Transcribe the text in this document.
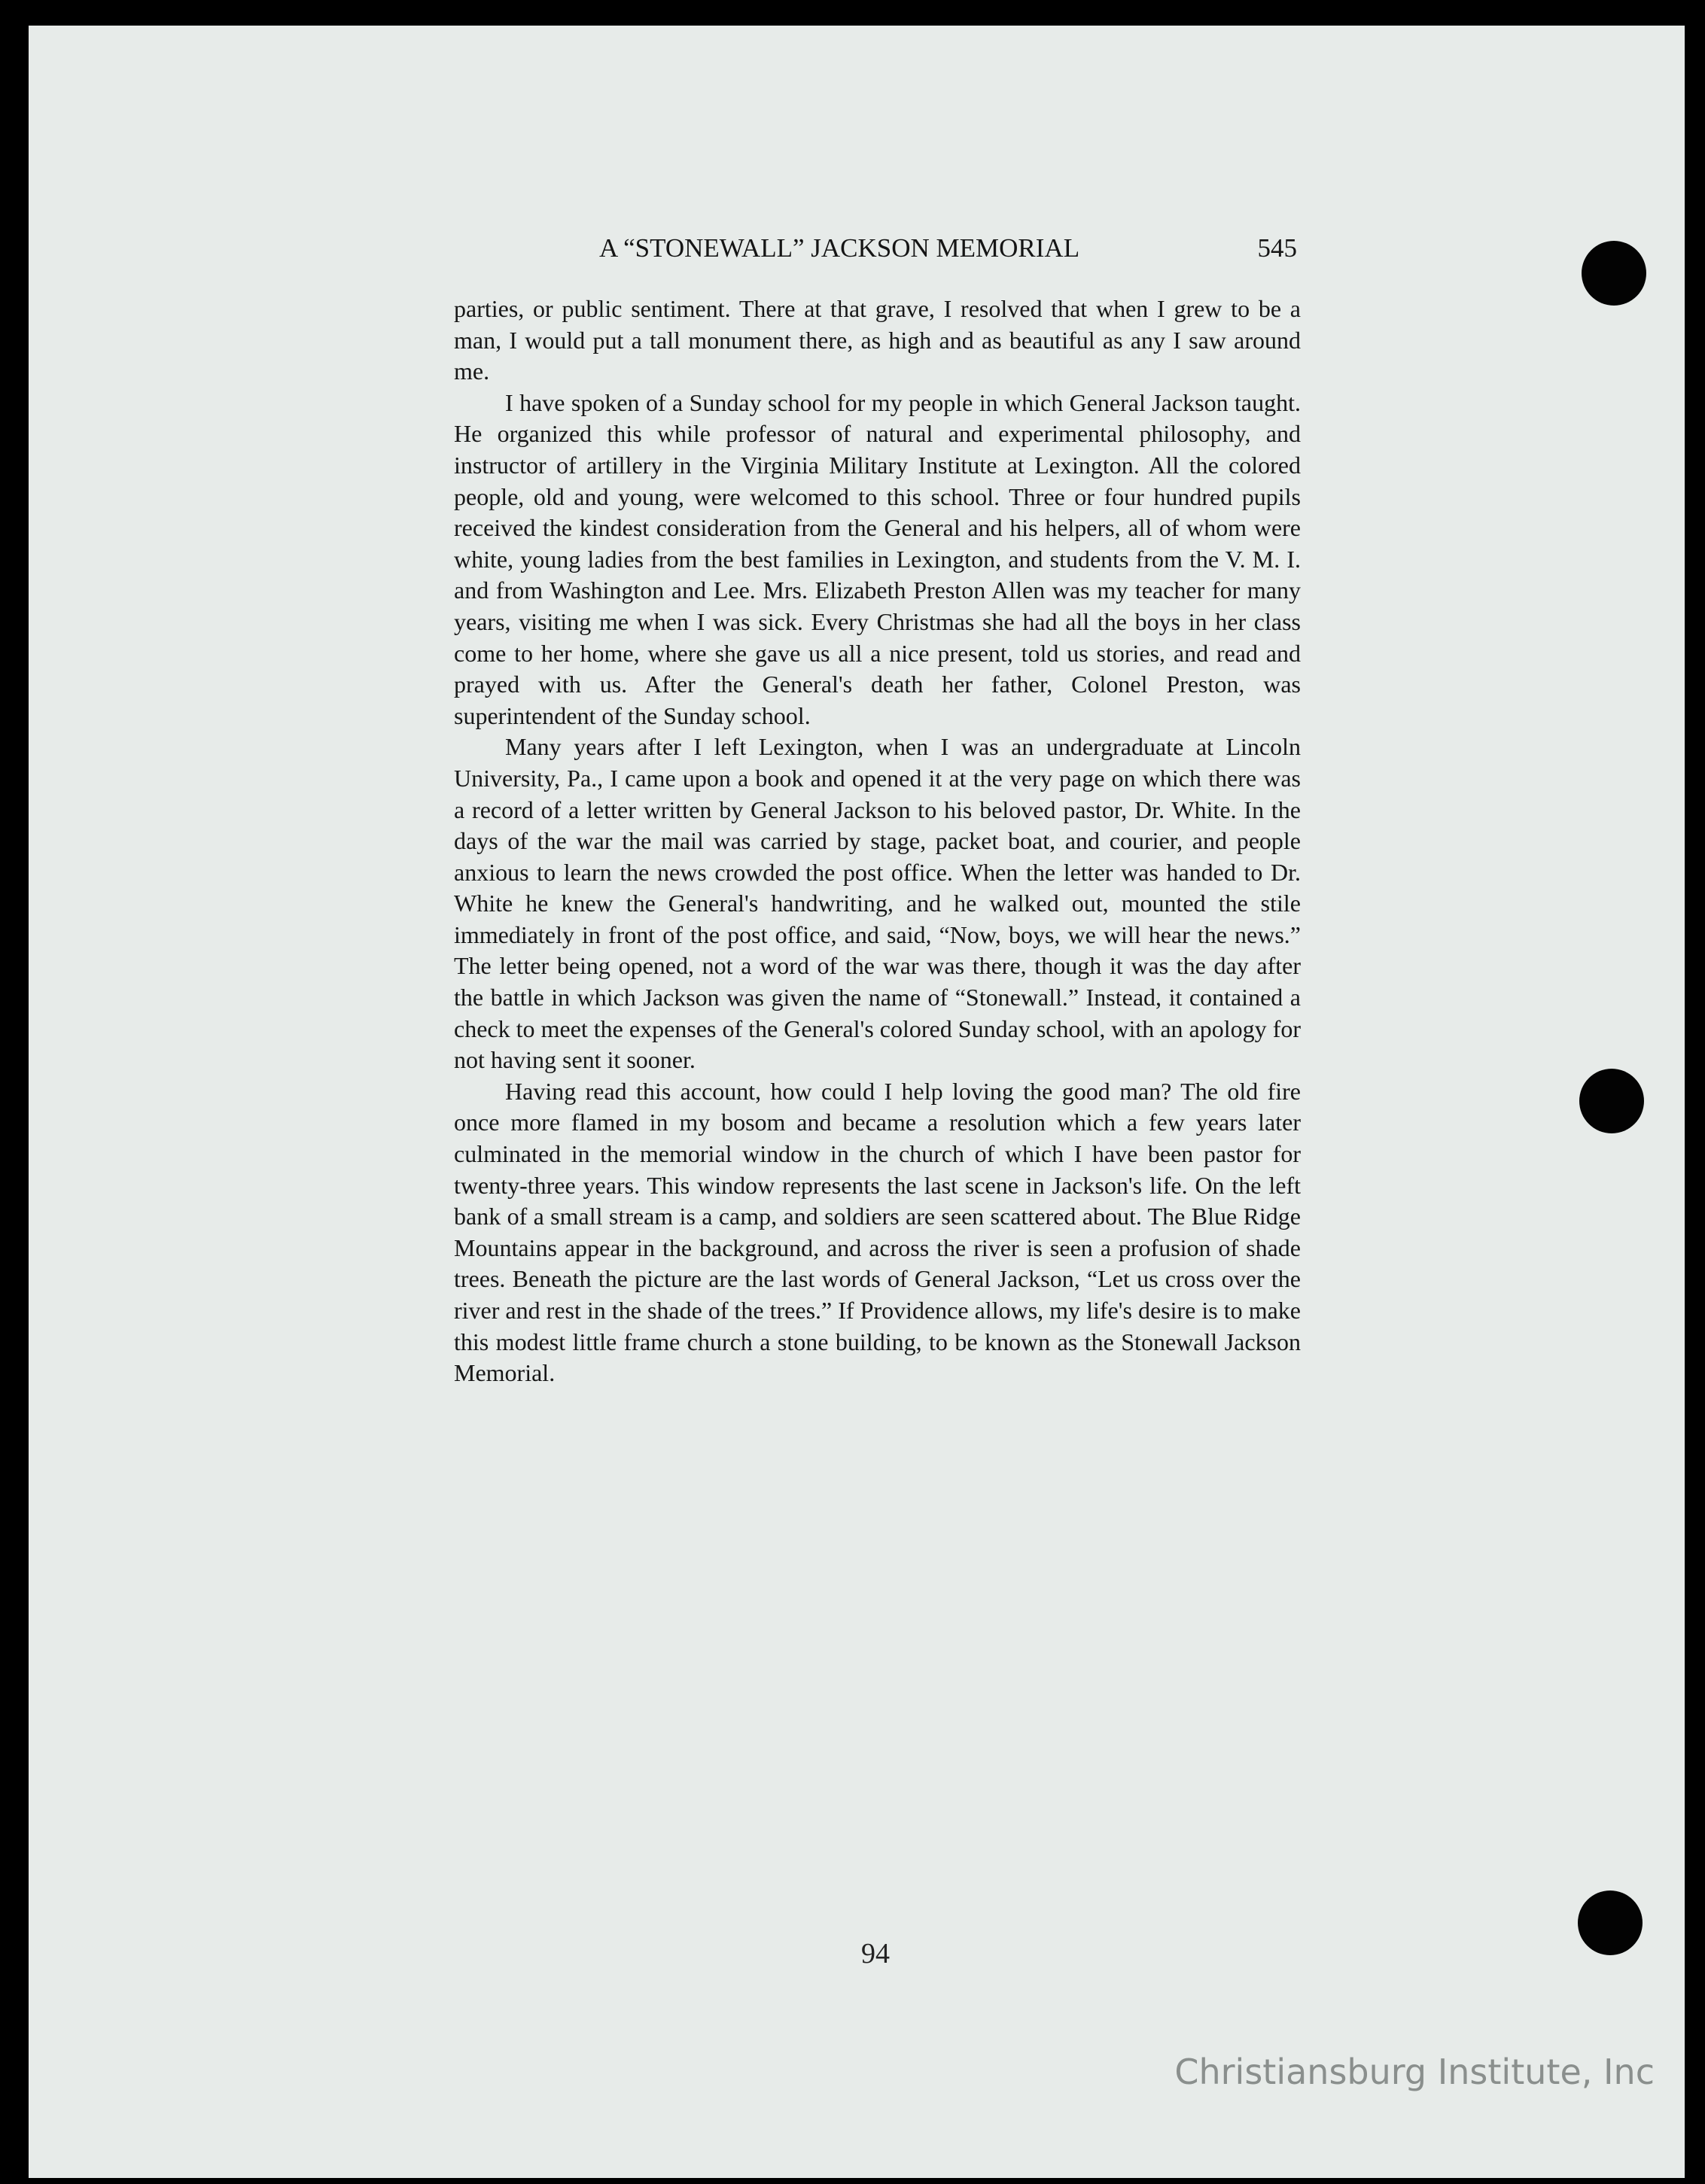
A “STONEWALL” JACKSON MEMORIAL	545

parties, or public sentiment. There at that grave, I resolved that when I grew to be a man, I would put a tall monument there, as high and as beautiful as any I saw around me.

I have spoken of a Sunday school for my people in which General Jackson taught. He organized this while professor of natural and experimental philosophy, and instructor of artillery in the Virginia Military Institute at Lexington. All the colored people, old and young, were welcomed to this school. Three or four hundred pupils received the kindest consideration from the General and his helpers, all of whom were white, young ladies from the best families in Lexington, and students from the V. M. I. and from Washington and Lee. Mrs. Elizabeth Preston Allen was my teacher for many years, visiting me when I was sick. Every Christmas she had all the boys in her class come to her home, where she gave us all a nice present, told us stories, and read and prayed with us. After the General's death her father, Colonel Preston, was superintendent of the Sunday school.

Many years after I left Lexington, when I was an undergraduate at Lincoln University, Pa., I came upon a book and opened it at the very page on which there was a record of a letter written by General Jackson to his beloved pastor, Dr. White. In the days of the war the mail was carried by stage, packet boat, and courier, and people anxious to learn the news crowded the post office. When the letter was handed to Dr. White he knew the General's handwriting, and he walked out, mounted the stile immediately in front of the post office, and said, “Now, boys, we will hear the news.” The letter being opened, not a word of the war was there, though it was the day after the battle in which Jackson was given the name of “Stonewall.” Instead, it contained a check to meet the expenses of the General's colored Sunday school, with an apology for not having sent it sooner.

Having read this account, how could I help loving the good man? The old fire once more flamed in my bosom and became a resolution which a few years later culminated in the memorial window in the church of which I have been pastor for twenty-three years. This window represents the last scene in Jackson's life. On the left bank of a small stream is a camp, and soldiers are seen scattered about. The Blue Ridge Mountains appear in the background, and across the river is seen a profusion of shade trees. Beneath the picture are the last words of General Jackson, “Let us cross over the river and rest in the shade of the trees.” If Providence allows, my life's desire is to make this modest little frame church a stone building, to be known as the Stonewall Jackson Memorial.

94
Christiansburg Institute, Inc
